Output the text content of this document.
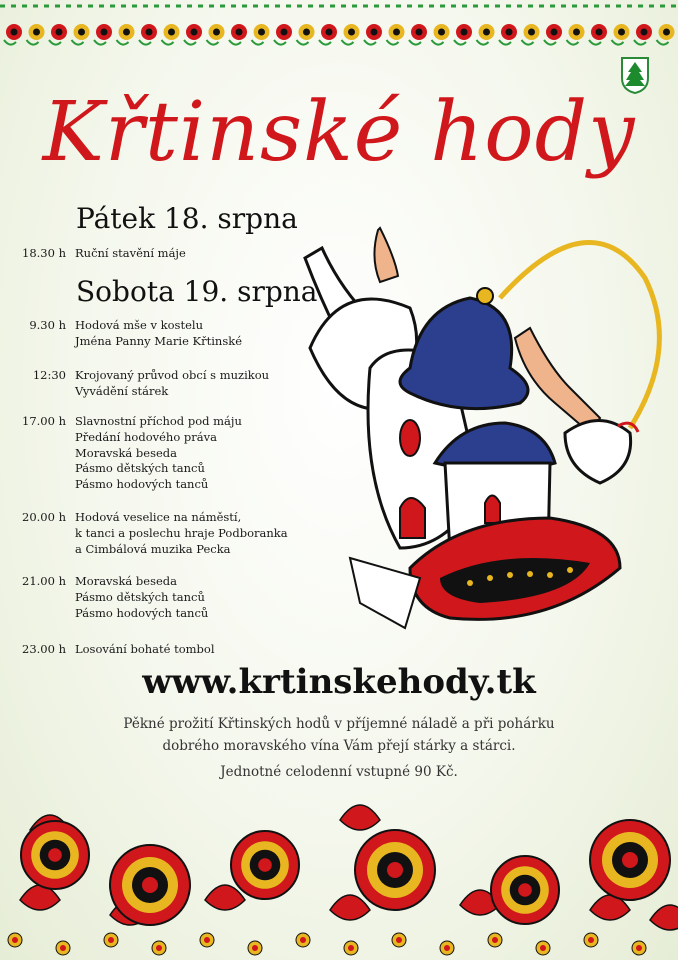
Křtinské hody
Pátek 18. srpna
18.30 h Ruční stavění máje
Sobota 19. srpna
9.30 h Hodová mše v kostelu
Jména Panny Marie Křtinské
12:30 Krojovaný průvod obcí s muzikou
Vyvádění stárek
17.00 h Slavnostní příchod pod máju
Předání hodového práva
Moravská beseda
Pásmo dětských tanců
Pásmo hodových tanců
20.00 h Hodová veselice na náměstí,
k tanci a poslechu hraje Podboranka
a Cimbálová muzika Pecka
21.00 h Moravská beseda
Pásmo dětských tanců
Pásmo hodových tanců
23.00 h Losování bohaté tombol
www.krtinskehody.tk
Pěkné prožití Křtinských hodů v příjemné náladě a při pohárku
dobrého moravského vína Vám přejí stárky a stárci.
Jednotné celodenní vstupné 90 Kč.
